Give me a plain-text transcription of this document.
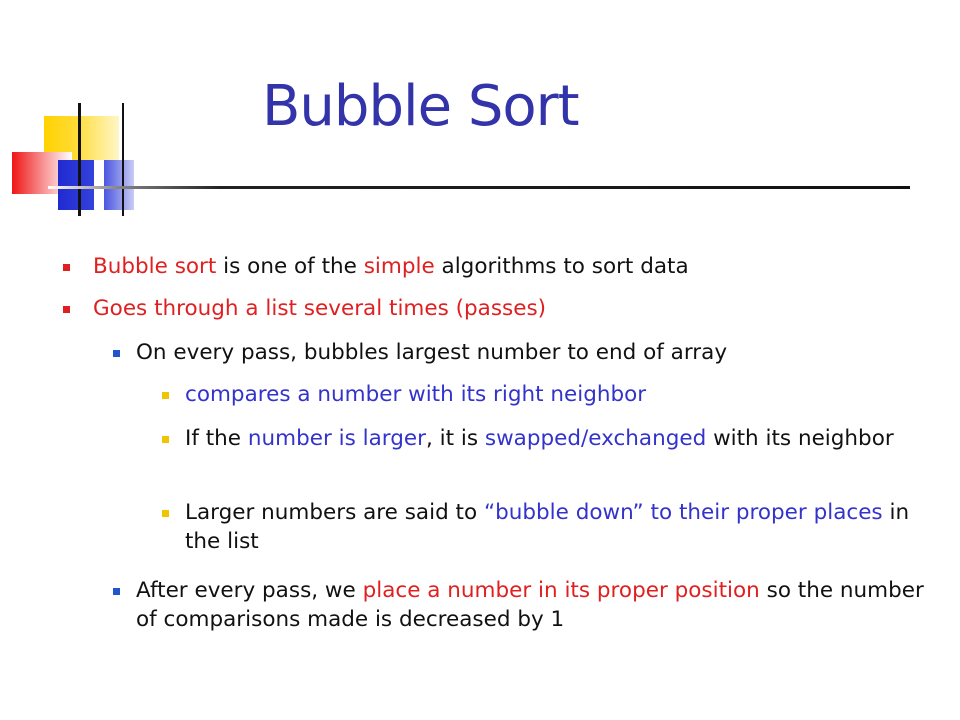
Bubble Sort
Bubble sort is one of the simple algorithms to sort data
Goes through a list several times (passes)
On every pass, bubbles largest number to end of array
compares a number with its right neighbor
If the number is larger, it is swapped/exchanged with its neighbor
Larger numbers are said to “bubble down” to their proper places in the list
After every pass, we place a number in its proper position so the number of comparisons made is decreased by 1
